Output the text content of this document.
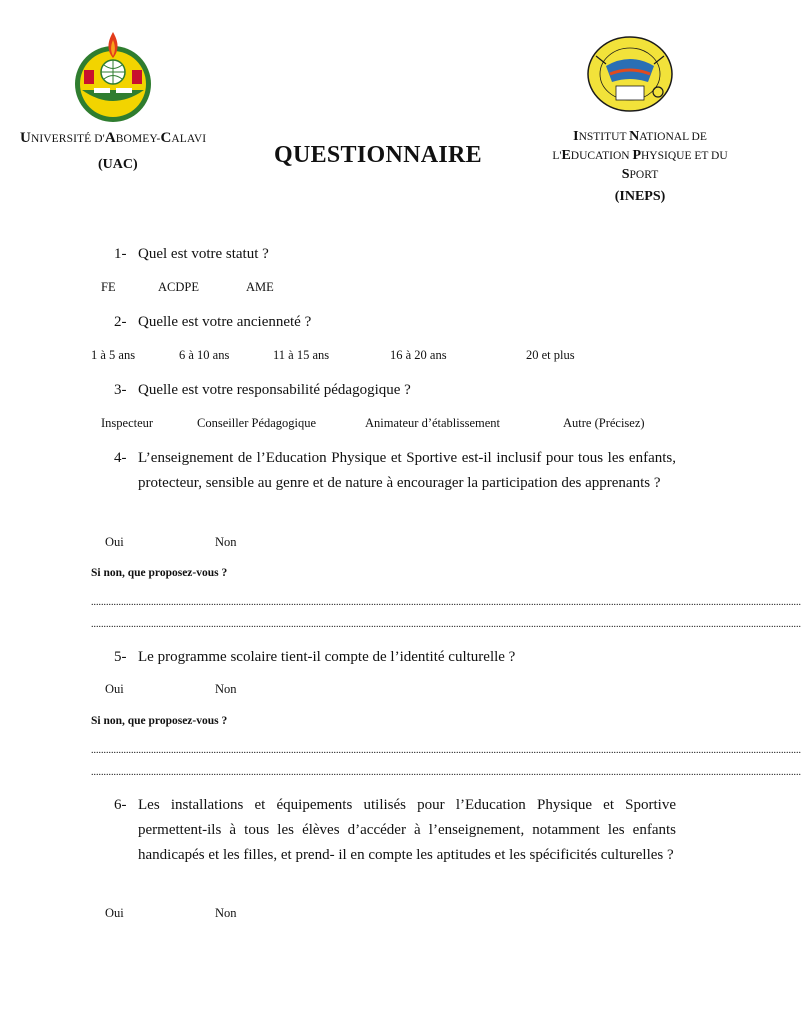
UNIVERSITÉ D'ABOMEY-CALAVI
(UAC)	QUESTIONNAIRE
INSTITUT NATIONAL DE
L'EDUCATION PHYSIQUE ET DU
SPORT
(INEPS)
1- Quel est votre statut ?
FE	ACDPE	AME
2- Quelle est votre ancienneté ?
1 à 5 ans	6 à 10 ans	11 à 15 ans	16 à 20 ans	20 et plus
3- Quelle est votre responsabilité pédagogique ?
Inspecteur	Conseiller Pédagogique	Animateur d’établissement	Autre (Précisez)
4- L’enseignement de l’Education Physique et Sportive est-il inclusif pour tous les enfants, protecteur, sensible au genre et de nature à encourager la participation des apprenants ?
Oui	Non
Si non, que proposez-vous ?
............................................................................................................................................................................................................................................................................................
............................................................................................................................................................................................................................................................................................
5- Le programme scolaire tient-il compte de l’identité culturelle ?
Oui	Non
Si non, que proposez-vous ?
............................................................................................................................................................................................................................................................................................
............................................................................................................................................................................................................................................................................................
6- Les installations et équipements utilisés pour l’Education Physique et Sportive permettent-ils à tous les élèves d’accéder à l’enseignement, notamment les enfants handicapés et les filles, et prend- il en compte les aptitudes et les spécificités culturelles ?
Oui	Non
